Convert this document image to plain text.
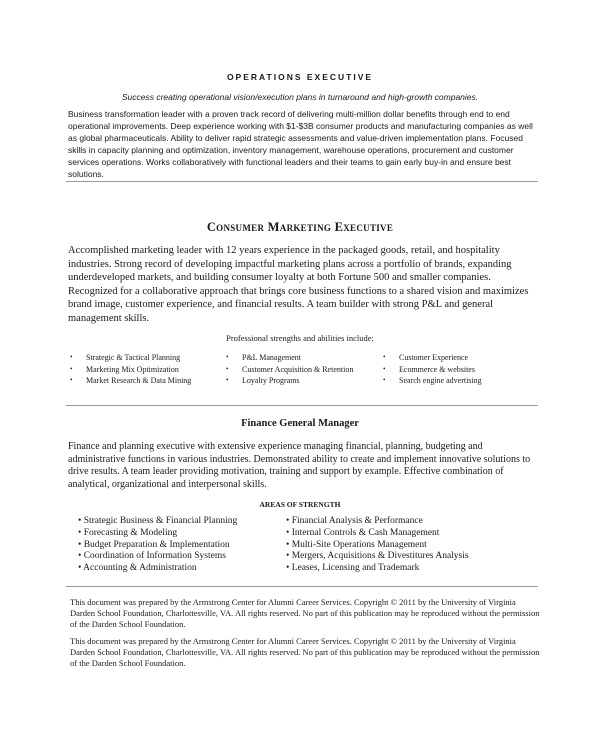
OPERATIONS EXECUTIVE
Success creating operational vision/execution plans in turnaround and high-growth companies.

Business transformation leader with a proven track record of delivering multi-million dollar benefits through end to end operational improvements. Deep experience working with $1-$3B consumer products and manufacturing companies as well as global pharmaceuticals. Ability to deliver rapid strategic assessments and value-driven implementation plans. Focused skills in capacity planning and optimization, inventory management, warehouse operations, procurement and customer services operations. Works collaboratively with functional leaders and their teams to gain early buy-in and ensure best solutions.

Consumer Marketing Executive

Accomplished marketing leader with 12 years experience in the packaged goods, retail, and hospitality industries. Strong record of developing impactful marketing plans across a portfolio of brands, expanding underdeveloped markets, and building consumer loyalty at both Fortune 500 and smaller companies. Recognized for a collaborative approach that brings core business functions to a shared vision and maximizes brand image, customer experience, and financial results. A team builder with strong P&L and general management skills.

Professional strengths and abilities include:
• Strategic & Tactical Planning
• Marketing Mix Optimization
• Market Research & Data Mining
• P&L Management
• Customer Acquisition & Retention
• Loyalty Programs
• Customer Experience
• Ecommerce & websites
• Search engine advertising
Finance General Manager

Finance and planning executive with extensive experience managing financial, planning, budgeting and administrative functions in various industries. Demonstrated ability to create and implement innovative solutions to drive results. A team leader providing motivation, training and support by example. Effective combination of analytical, organizational and interpersonal skills.

AREAS OF STRENGTH
• Strategic Business & Financial Planning
• Forecasting & Modeling
• Budget Preparation & Implementation
• Coordination of Information Systems
• Accounting & Administration
• Financial Analysis & Performance
• Internal Controls & Cash Management
• Multi-Site Operations Management
• Mergers, Acquisitions & Divestitures Analysis
• Leases, Licensing and Trademark

This document was prepared by the Armstrong Center for Alumni Career Services. Copyright © 2011 by the University of Virginia Darden School Foundation, Charlottesville, VA. All rights reserved. No part of this publication may be reproduced without the permission of the Darden School Foundation.

This document was prepared by the Armstrong Center for Alumni Career Services. Copyright © 2011 by the University of Virginia Darden School Foundation, Charlottesville, VA. All rights reserved. No part of this publication may be reproduced without the permission of the Darden School Foundation.
